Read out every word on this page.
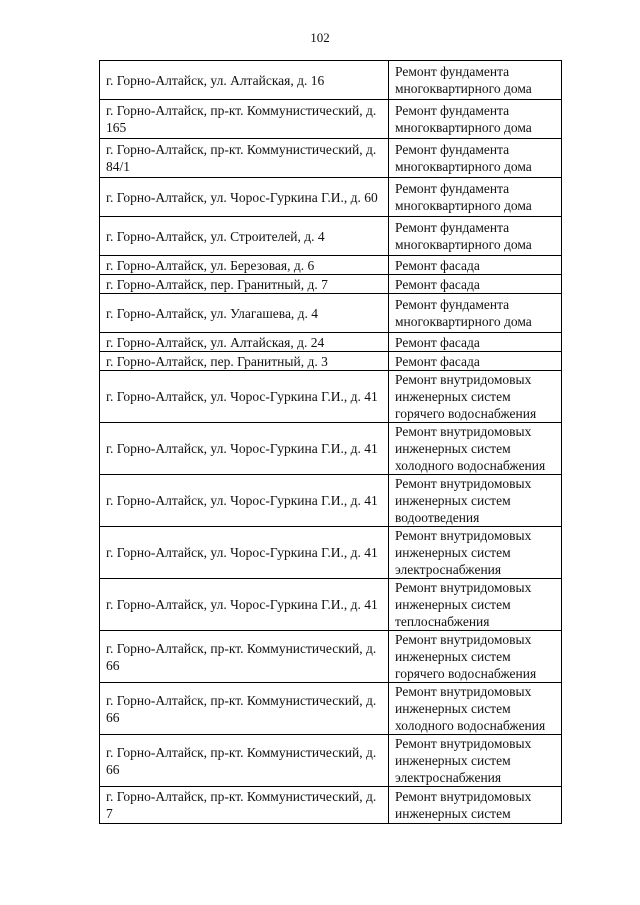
102
г. Горно-Алтайск, ул. Алтайская, д. 16	Ремонт фундамента многоквартирного дома
г. Горно-Алтайск, пр-кт. Коммунистический, д. 165	Ремонт фундамента многоквартирного дома
г. Горно-Алтайск, пр-кт. Коммунистический, д. 84/1	Ремонт фундамента многоквартирного дома
г. Горно-Алтайск, ул. Чорос-Гуркина Г.И., д. 60	Ремонт фундамента многоквартирного дома
г. Горно-Алтайск, ул. Строителей, д. 4	Ремонт фундамента многоквартирного дома
г. Горно-Алтайск, ул. Березовая, д. 6	Ремонт фасада
г. Горно-Алтайск, пер. Гранитный, д. 7	Ремонт фасада
г. Горно-Алтайск, ул. Улагашева, д. 4	Ремонт фундамента многоквартирного дома
г. Горно-Алтайск, ул. Алтайская, д. 24	Ремонт фасада
г. Горно-Алтайск, пер. Гранитный, д. 3	Ремонт фасада
г. Горно-Алтайск, ул. Чорос-Гуркина Г.И., д. 41	Ремонт внутридомовых инженерных систем горячего водоснабжения
г. Горно-Алтайск, ул. Чорос-Гуркина Г.И., д. 41	Ремонт внутридомовых инженерных систем холодного водоснабжения
г. Горно-Алтайск, ул. Чорос-Гуркина Г.И., д. 41	Ремонт внутридомовых инженерных систем водоотведения
г. Горно-Алтайск, ул. Чорос-Гуркина Г.И., д. 41	Ремонт внутридомовых инженерных систем электроснабжения
г. Горно-Алтайск, ул. Чорос-Гуркина Г.И., д. 41	Ремонт внутридомовых инженерных систем теплоснабжения
г. Горно-Алтайск, пр-кт. Коммунистический, д. 66	Ремонт внутридомовых инженерных систем горячего водоснабжения
г. Горно-Алтайск, пр-кт. Коммунистический, д. 66	Ремонт внутридомовых инженерных систем холодного водоснабжения
г. Горно-Алтайск, пр-кт. Коммунистический, д. 66	Ремонт внутридомовых инженерных систем электроснабжения
г. Горно-Алтайск, пр-кт. Коммунистический, д. 7	Ремонт внутридомовых инженерных систем
